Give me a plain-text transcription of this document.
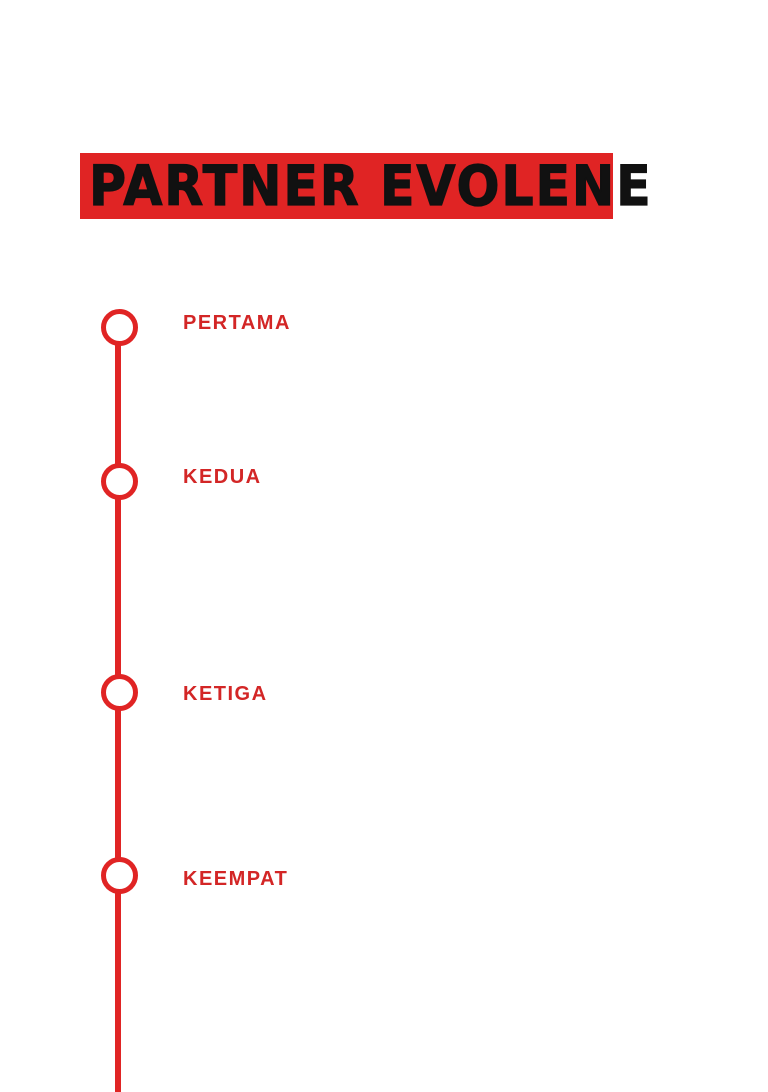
PARTNER EVOLENE
PERTAMA
KEDUA
KETIGA
KEEMPAT
